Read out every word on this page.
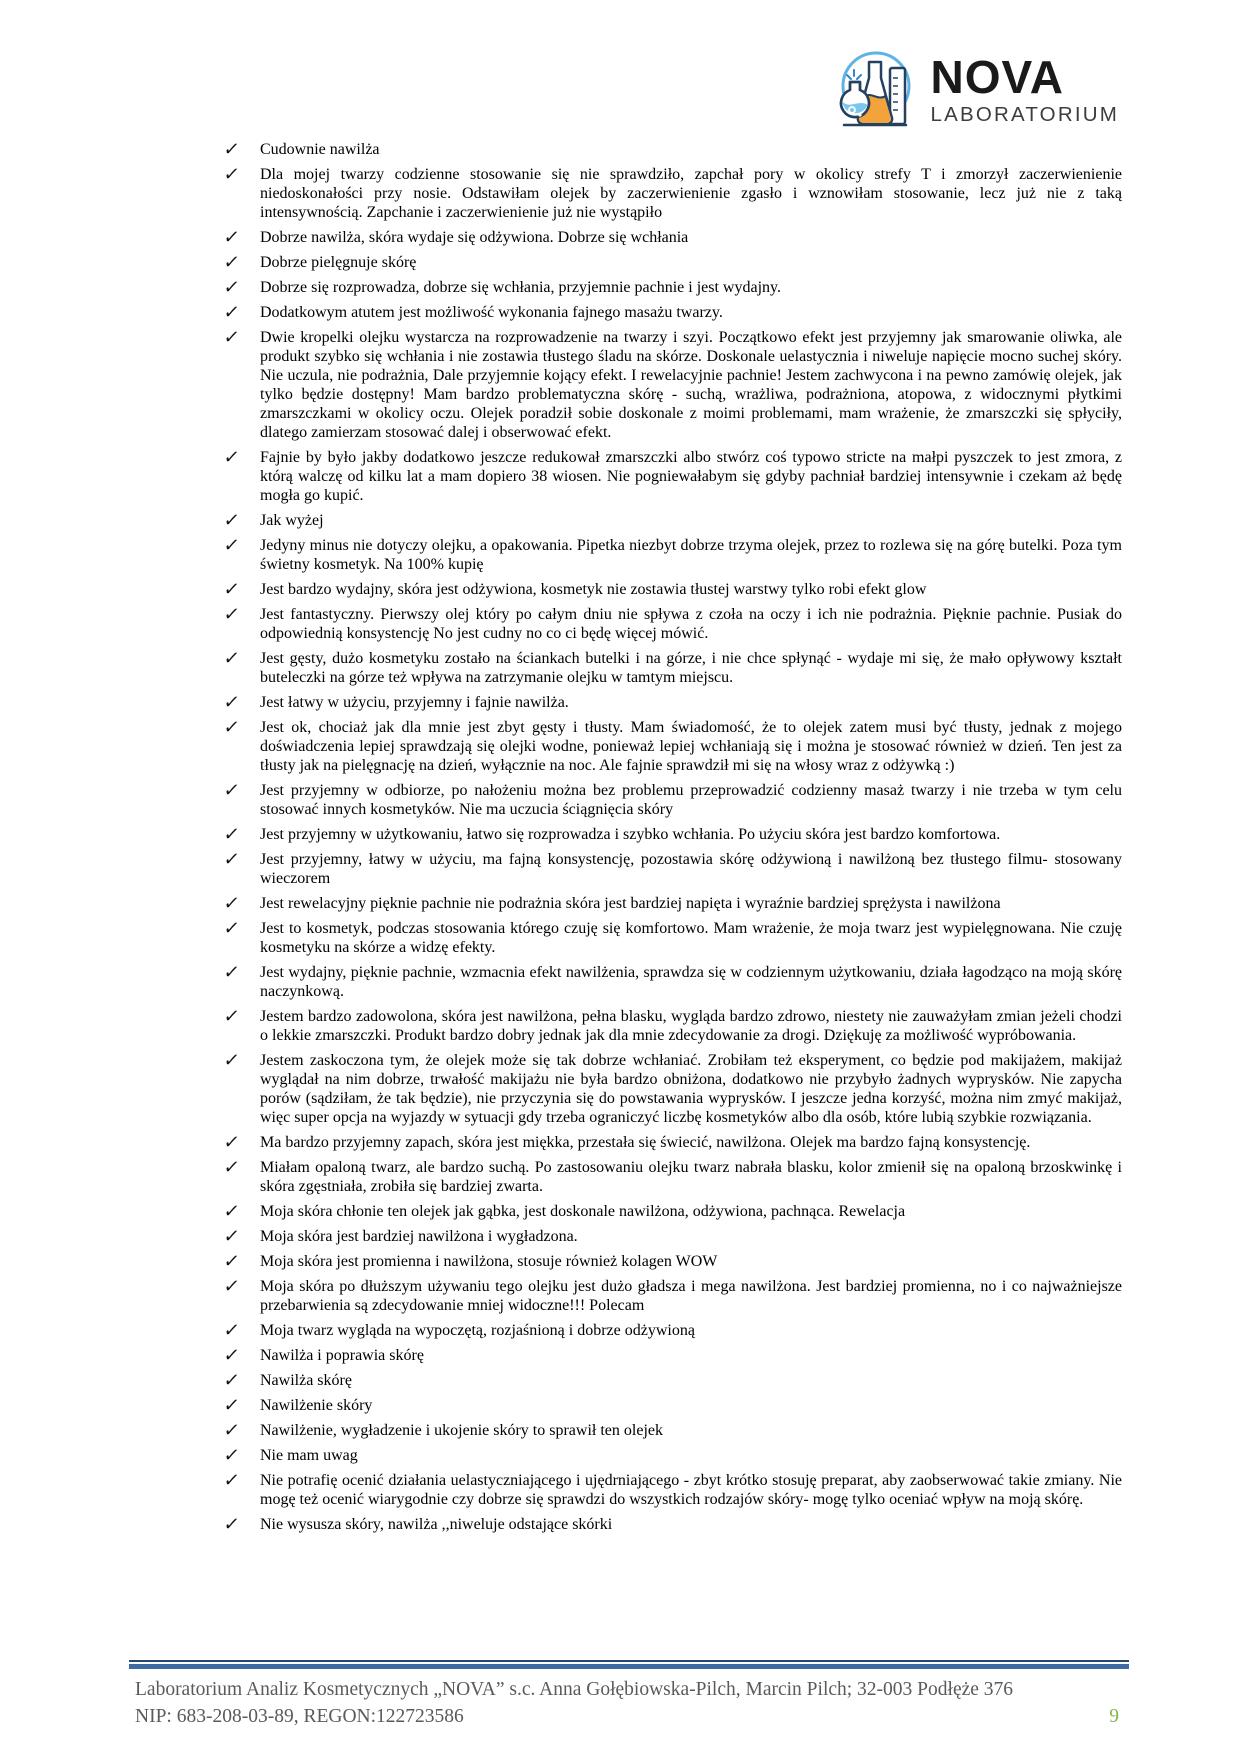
NOVA
LABORATORIUM
✓	Cudownie nawilża

✓	Dla mojej twarzy codzienne stosowanie się nie sprawdziło, zapchał pory w okolicy strefy T i zmorzył zaczerwienienie niedoskonałości przy nosie. Odstawiłam olejek by zaczerwienienie zgasło i wznowiłam stosowanie, lecz już nie z taką intensywnością. Zapchanie i zaczerwienienie już nie wystąpiło

✓	Dobrze nawilża, skóra wydaje się odżywiona. Dobrze się wchłania

✓	Dobrze pielęgnuje skórę

✓	Dobrze się rozprowadza, dobrze się wchłania, przyjemnie pachnie i jest wydajny.

✓	Dodatkowym atutem jest możliwość wykonania fajnego masażu twarzy.

✓	Dwie kropelki olejku wystarcza na rozprowadzenie na twarzy i szyi. Początkowo efekt jest przyjemny jak smarowanie oliwka, ale produkt szybko się wchłania i nie zostawia tłustego śladu na skórze. Doskonale uelastycznia i niweluje napięcie mocno suchej skóry. Nie uczula, nie podrażnia, Dale przyjemnie kojący efekt. I rewelacyjnie pachnie! Jestem zachwycona i na pewno zamówię olejek, jak tylko będzie dostępny! Mam bardzo problematyczna skórę - suchą, wrażliwa, podrażniona, atopowa, z widocznymi płytkimi zmarszczkami w okolicy oczu. Olejek poradził sobie doskonale z moimi problemami, mam wrażenie, że zmarszczki się spłyciły, dlatego zamierzam stosować dalej i obserwować efekt.

✓	Fajnie by było jakby dodatkowo jeszcze redukował zmarszczki albo stwórz coś typowo stricte na małpi pyszczek to jest zmora, z którą walczę od kilku lat a mam dopiero 38 wiosen. Nie pogniewałabym się gdyby pachniał bardziej intensywnie i czekam aż będę mogła go kupić.

✓	Jak wyżej

✓	Jedyny minus nie dotyczy olejku, a opakowania. Pipetka niezbyt dobrze trzyma olejek, przez to rozlewa się na górę butelki. Poza tym świetny kosmetyk. Na 100% kupię

✓	Jest bardzo wydajny, skóra jest odżywiona, kosmetyk nie zostawia tłustej warstwy tylko robi efekt glow

✓	Jest fantastyczny. Pierwszy olej który po całym dniu nie spływa z czoła na oczy i ich nie podrażnia. Pięknie pachnie. Pusiak do odpowiednią konsystencję No jest cudny no co ci będę więcej mówić.

✓	Jest gęsty, dużo kosmetyku zostało na ściankach butelki i na górze, i nie chce spłynąć - wydaje mi się, że mało opływowy kształt buteleczki na górze też wpływa na zatrzymanie olejku w tamtym miejscu.

✓	Jest łatwy w użyciu, przyjemny i fajnie nawilża.

✓	Jest ok, chociaż jak dla mnie jest zbyt gęsty i tłusty. Mam świadomość, że to olejek zatem musi być tłusty, jednak z mojego doświadczenia lepiej sprawdzają się olejki wodne, ponieważ lepiej wchłaniają się i można je stosować również w dzień. Ten jest za tłusty jak na pielęgnację na dzień, wyłącznie na noc. Ale fajnie sprawdził mi się na włosy wraz z odżywką :)

✓	Jest przyjemny w odbiorze, po nałożeniu można bez problemu przeprowadzić codzienny masaż twarzy i nie trzeba w tym celu stosować innych kosmetyków. Nie ma uczucia ściągnięcia skóry

✓	Jest przyjemny w użytkowaniu, łatwo się rozprowadza i szybko wchłania. Po użyciu skóra jest bardzo komfortowa.

✓	Jest przyjemny, łatwy w użyciu, ma fajną konsystencję, pozostawia skórę odżywioną i nawilżoną bez tłustego filmu- stosowany wieczorem

✓	Jest rewelacyjny pięknie pachnie nie podrażnia skóra jest bardziej napięta i wyraźnie bardziej sprężysta i nawilżona

✓	Jest to kosmetyk, podczas stosowania którego czuję się komfortowo. Mam wrażenie, że moja twarz jest wypielęgnowana. Nie czuję kosmetyku na skórze a widzę efekty.

✓	Jest wydajny, pięknie pachnie, wzmacnia efekt nawilżenia, sprawdza się w codziennym użytkowaniu, działa łagodząco na moją skórę naczynkową.

✓	Jestem bardzo zadowolona, skóra jest nawilżona, pełna blasku, wygląda bardzo zdrowo, niestety nie zauważyłam zmian jeżeli chodzi o lekkie zmarszczki. Produkt bardzo dobry jednak jak dla mnie zdecydowanie za drogi. Dziękuję za możliwość wypróbowania.

✓	Jestem zaskoczona tym, że olejek może się tak dobrze wchłaniać. Zrobiłam też eksperyment, co będzie pod makijażem, makijaż wyglądał na nim dobrze, trwałość makijażu nie była bardzo obniżona, dodatkowo nie przybyło żadnych wyprysków. Nie zapycha porów (sądziłam, że tak będzie), nie przyczynia się do powstawania wyprysków. I jeszcze jedna korzyść, można nim zmyć makijaż, więc super opcja na wyjazdy w sytuacji gdy trzeba ograniczyć liczbę kosmetyków albo dla osób, które lubią szybkie rozwiązania.

✓	Ma bardzo przyjemny zapach, skóra jest miękka, przestała się świecić, nawilżona. Olejek ma bardzo fajną konsystencję.

✓	Miałam opaloną twarz, ale bardzo suchą. Po zastosowaniu olejku twarz nabrała blasku, kolor zmienił się na opaloną brzoskwinkę i skóra zgęstniała, zrobiła się bardziej zwarta.

✓	Moja skóra chłonie ten olejek jak gąbka, jest doskonale nawilżona, odżywiona, pachnąca. Rewelacja

✓	Moja skóra jest bardziej nawilżona i wygładzona.

✓	Moja skóra jest promienna i nawilżona, stosuje również kolagen WOW

✓	Moja skóra po dłuższym używaniu tego olejku jest dużo gładsza i mega nawilżona. Jest bardziej promienna, no i co najważniejsze przebarwienia są zdecydowanie mniej widoczne!!! Polecam

✓	Moja twarz wygląda na wypoczętą, rozjaśnioną i dobrze odżywioną

✓	Nawilża i poprawia skórę

✓	Nawilża skórę

✓	Nawilżenie skóry

✓	Nawilżenie, wygładzenie i ukojenie skóry to sprawił ten olejek

✓	Nie mam uwag

✓	Nie potrafię ocenić działania uelastyczniającego i ujędrniającego - zbyt krótko stosuję preparat, aby zaobserwować takie zmiany. Nie mogę też ocenić wiarygodnie czy dobrze się sprawdzi do wszystkich rodzajów skóry- mogę tylko oceniać wpływ na moją skórę.

✓	Nie wysusza skóry, nawilża ,,niweluje odstające skórki

Laboratorium Analiz Kosmetycznych „NOVA” s.c. Anna Gołębiowska-Pilch, Marcin Pilch; 32-003 Podłęże 376
NIP: 683-208-03-89, REGON:122723586	9
